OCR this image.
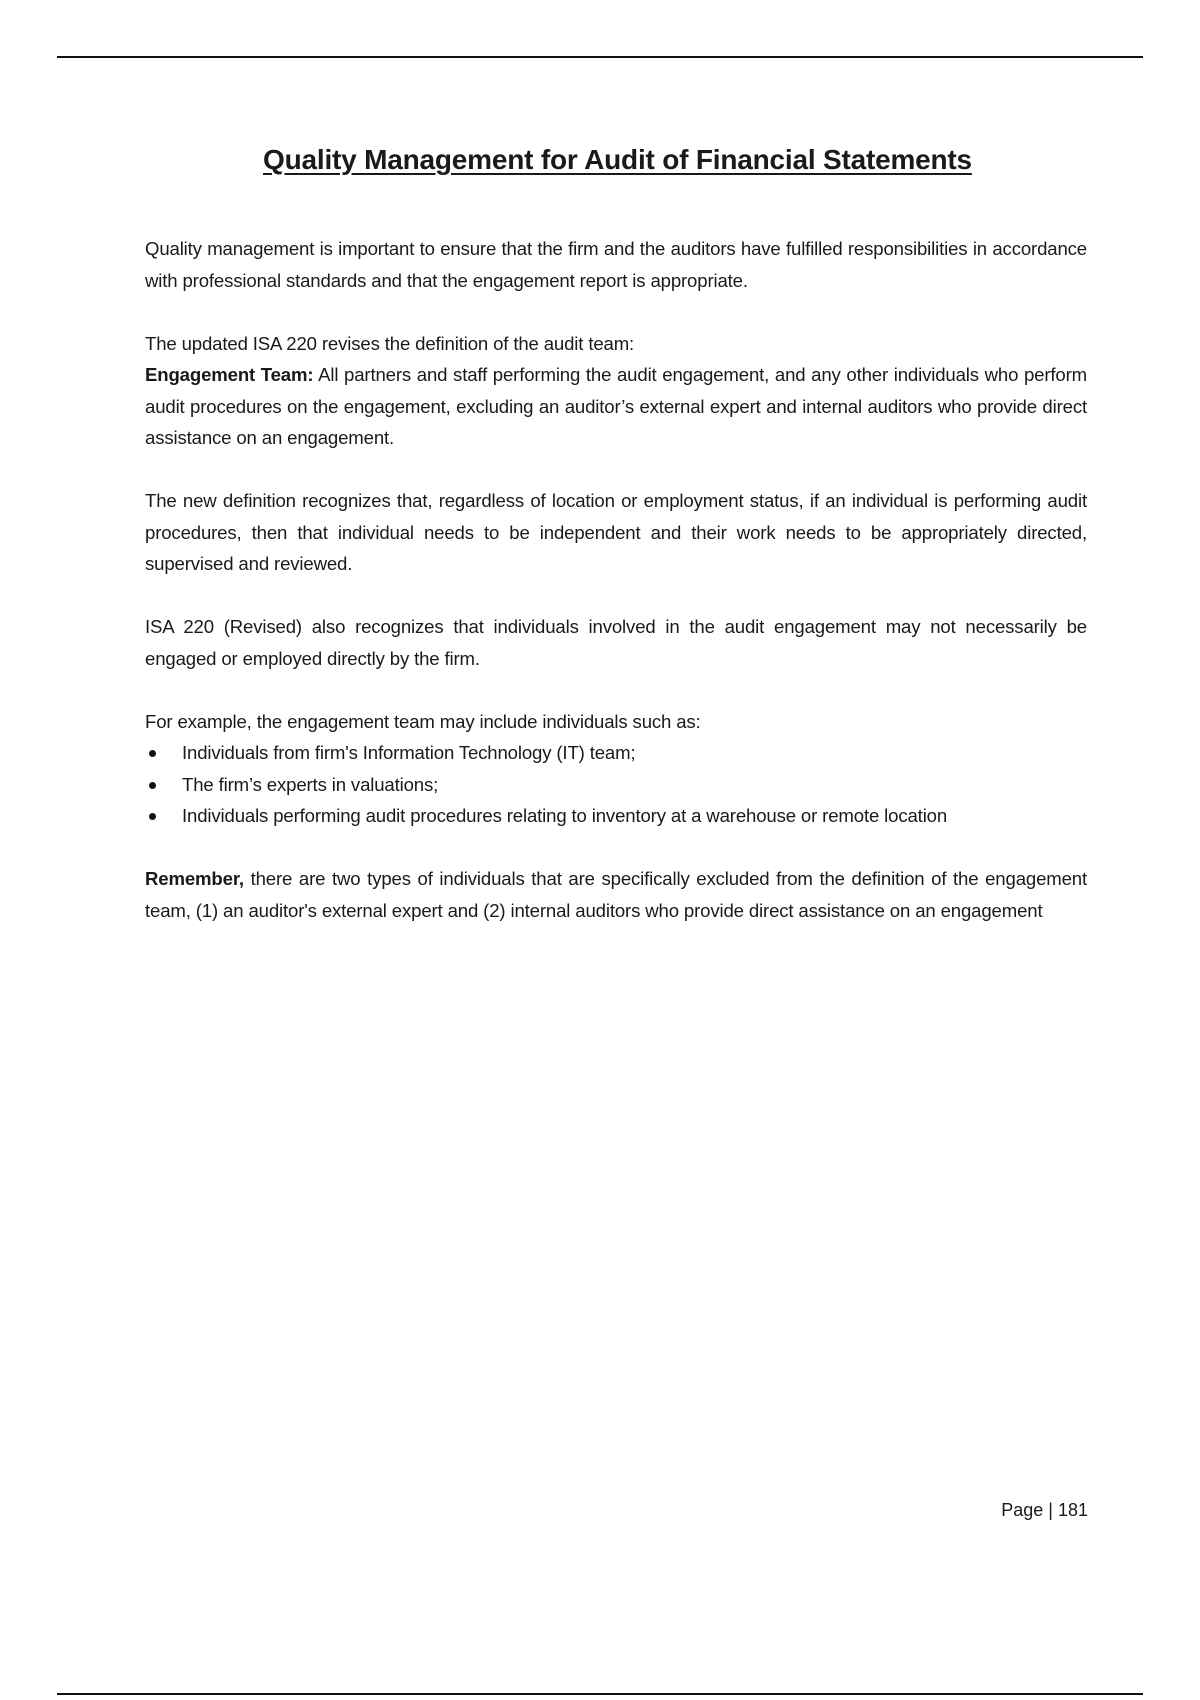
Quality Management for Audit of Financial Statements

Quality management is important to ensure that the firm and the auditors have fulfilled responsibilities in accordance with professional standards and that the engagement report is appropriate.

The updated ISA 220 revises the definition of the audit team:

Engagement Team: All partners and staff performing the audit engagement, and any other individuals who perform audit procedures on the engagement, excluding an auditor’s external expert and internal auditors who provide direct assistance on an engagement.

The new definition recognizes that, regardless of location or employment status, if an individual is performing audit procedures, then that individual needs to be independent and their work needs to be appropriately directed, supervised and reviewed.

ISA 220 (Revised) also recognizes that individuals involved in the audit engagement may not necessarily be engaged or employed directly by the firm.

For example, the engagement team may include individuals such as:

Individuals from firm's Information Technology (IT) team;
The firm’s experts in valuations;
Individuals performing audit procedures relating to inventory at a warehouse or remote location

Remember, there are two types of individuals that are specifically excluded from the definition of the engagement team, (1) an auditor's external expert and (2) internal auditors who provide direct assistance on an engagement

Page | 181
